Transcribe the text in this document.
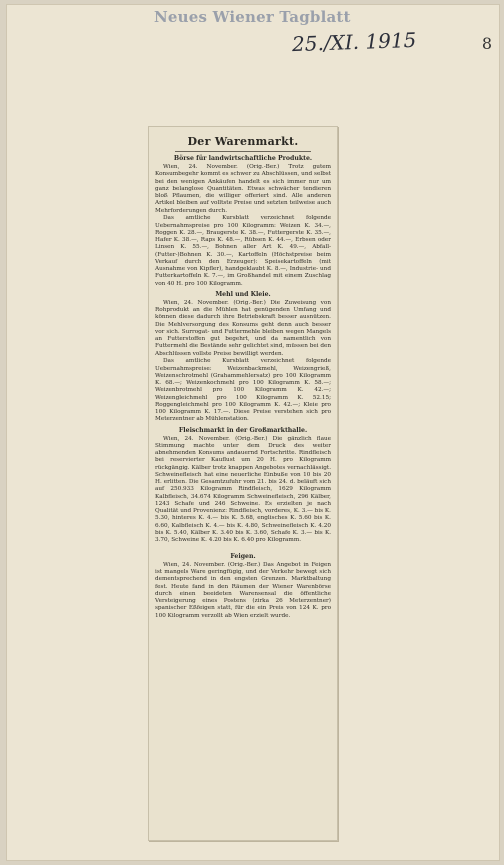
Neues Wiener Tagblatt
25./XI. 1915	8
Der Warenmarkt.
Börse für landwirtschaftliche Produkte.
Wien, 24. November. (Orig.-Ber.) Trotz gutem Konsumbegehr kommt es schwer zu Abschlüssen, und selbst bei den wenigen Ankäufen handelt es sich immer nur um ganz belanglose Quantitäten. Etwas schwächer tendieren bloß Pflaumen, die williger offeriert sind. Alle anderen Artikel bleiben auf volltste Preise und setzten teilweise auch Mehrforderungen durch.
Das amtliche Kursblatt verzeichnet folgende Uebernahmspreise pro 100 Kilogramm: Weizen K. 34.—, Roggen K. 28.—, Braugerste K. 38.—, Futtergerste K. 35.—, Hafer K. 38.—, Raps K. 48.—, Rübsen K. 44.—, Erbsen oder Linsen K. 55.—, Bohnen aller Art K. 49.—, Abfall-(Futter-)Bohnen K. 30.—, Kartoffeln (Höchstpreise beim Verkauf durch den Erzeuger): Speisekartoffeln (mit Ausnahme von Kipfler), handgeklaubt K. 8.—, Industrie- und Futterkartoffeln K. 7.—, im Großhandel mit einem Zuschlag von 40 H. pro 100 Kilogramm.
Mehl und Kleie.
Wien, 24. November. (Orig.-Ber.) Die Zuweisung von Rohprodukt an die Mühlen hat genügenden Umfang und können diese dadurch ihre Betriebskraft besser ausnützen. Die Mehlversorgung des Konsums geht denn auch besser vor sich. Surrogat- und Futtermehle bleiben wegen Mangels an Futterstoffen gut begehrt, und da namentlich von Futtermehl die Bestände sehr gelichtet sind, müssen bei den Abschlüssen vollste Preise bewilligt werden.
Das amtliche Kursblatt verzeichnet folgende Uebernahmspreise: Weizenbackmehl, Weizengrieß, Weizenschrotmehl (Grahammehlersatz) pro 100 Kilogramm K. 68.—; Weizenkochmehl pro 100 Kilogramm K. 58.—; Weizenbrotmehl pro 100 Kilogramm K. 42.—; Weizengleichmehl pro 100 Kilogramm K. 52.15; Roggengleichmehl pro 100 Kilogramm K. 42.—; Kleie pro 100 Kilogramm K. 17.—. Diese Preise verstehen sich pro Meterzentner ab Mühlenstation.
Fleischmarkt in der Großmarkthalle.
Wien, 24. November. (Orig.-Ber.) Die gänzlich flaue Stimmung machte unter dem Druck des weiter abnehmenden Konsums andauernd Fortschritte. Rindfleisch bei reservierter Kauflust um 20 H. pro Kilogramm rückgängig. Kälber trotz knappen Angebotes vernachlässigt. Schweinefleisch hat eine neuerliche Einbuße von 10 bis 20 H. erlitten. Die Gesamtzufuhr vom 21. bis 24. d. beläuft sich auf 250.933 Kilogramm Rindfleisch, 1629 Kilogramm Kalbfleisch, 34.674 Kilogramm Schweinefleisch, 296 Kälber, 1243 Schafe und 246 Schweine. Es erzielten je nach Qualität und Provenienz: Rindfleisch, vorderes, K. 3.— bis K. 5.30, hinteres K. 4.— bis K. 5.68, englisches K. 5.60 bis K. 6.60, Kalbfleisch K. 4.— bis K. 4.80, Schweinefleisch K. 4.20 bis K. 5.40, Kälber K. 3.40 bis K. 3.60, Schafe K. 3.— bis K. 3.70, Schweine K. 4.20 bis K. 6.40 pro Kilogramm.
Feigen.
Wien, 24. November. (Orig.-Ber.) Das Angebot in Feigen ist mangels Ware geringfügig, und der Verkehr bewegt sich dementsprechend in den engsten Grenzen. Marktbaltung fest. Heute fand in den Räumen der Wiener Warenbörse durch einen beeideten Warensensal die öffentliche Versteigerung eines Postens (zirka 26 Meterzentner) spanischer Eßfeigen statt, für die ein Preis von 124 K. pro 100 Kilogramm verzollt ab Wien erzielt wurde.
